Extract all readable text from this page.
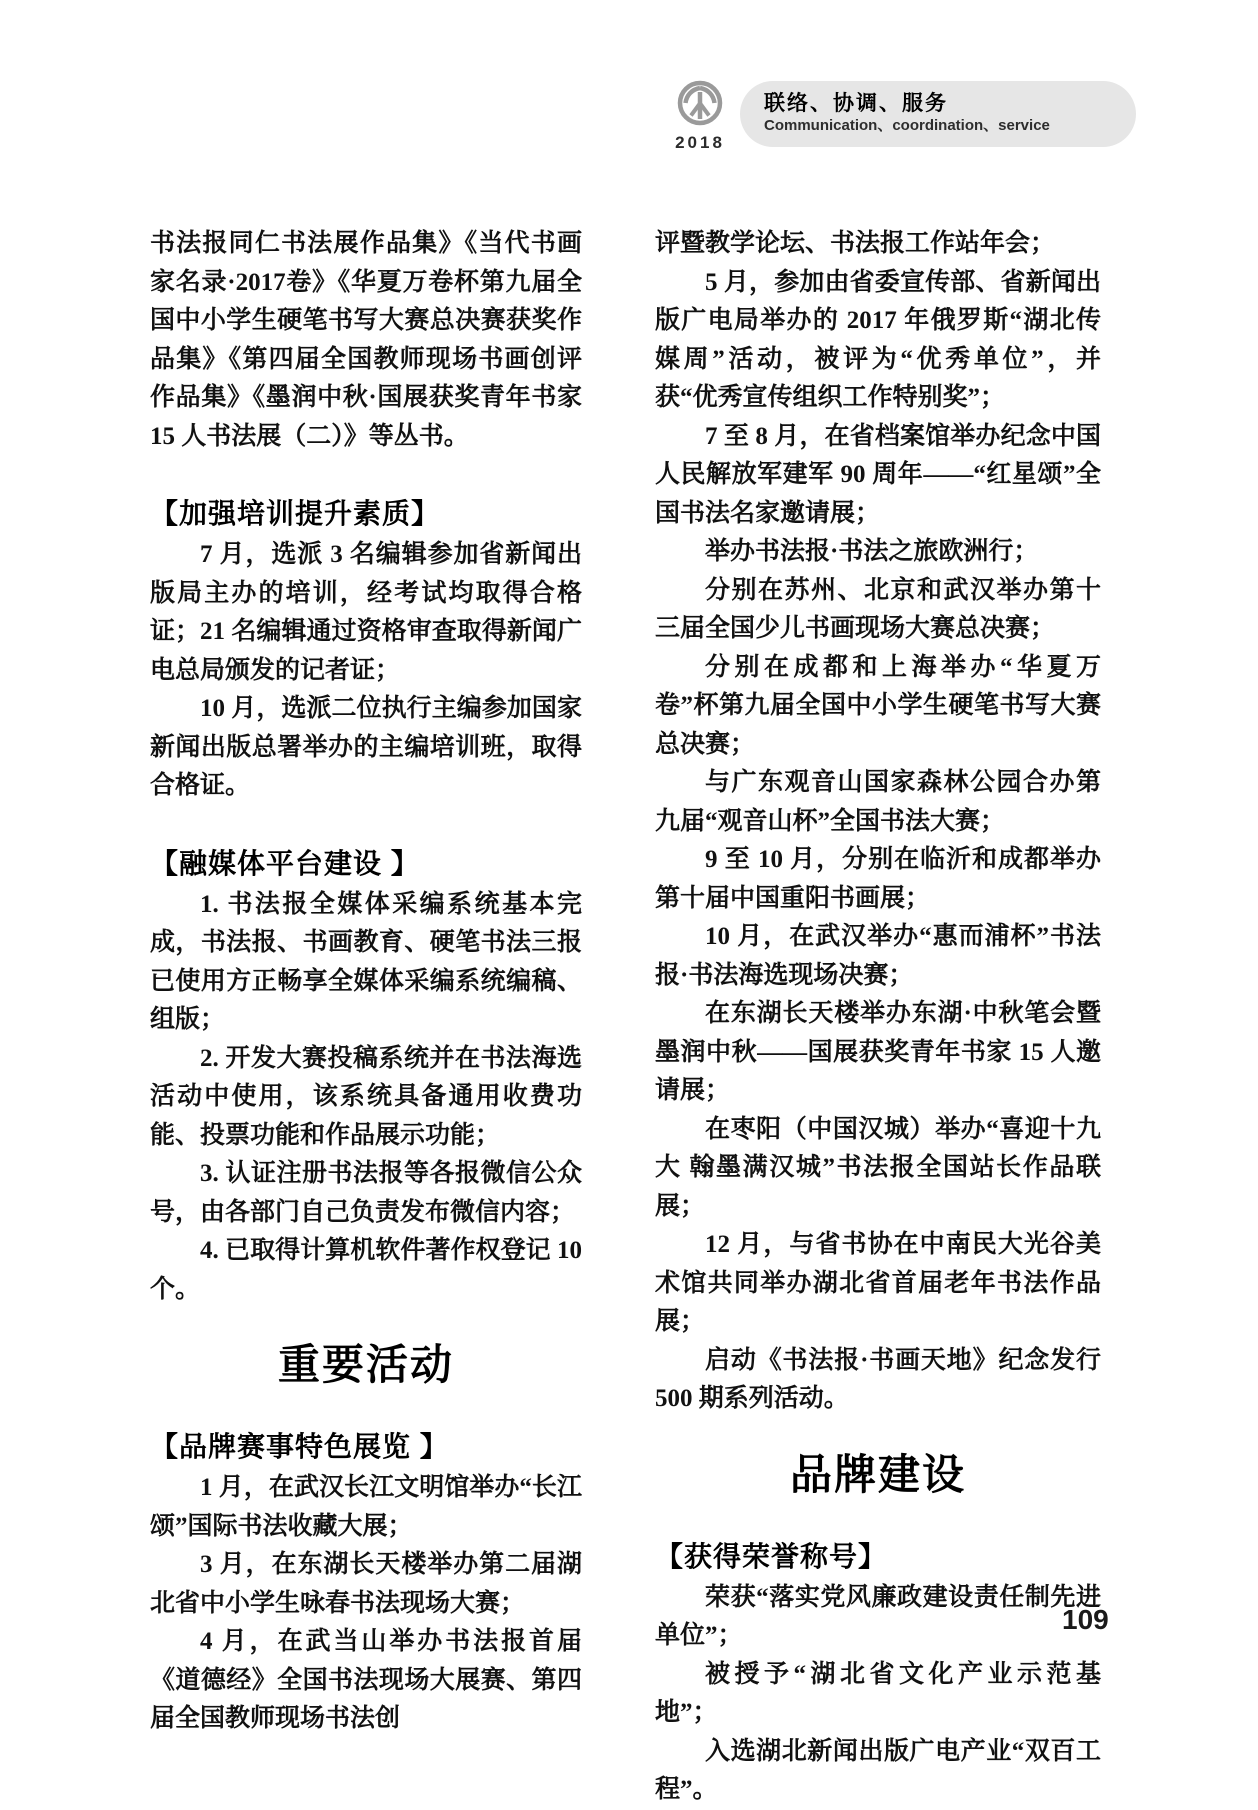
2018
联络、协调、服务
Communication、coordination、service

书法报同仁书法展作品集》《当代书画家名录·2017卷》《华夏万卷杯第九届全国中小学生硬笔书写大赛总决赛获奖作品集》《第四届全国教师现场书画创评作品集》《墨润中秋·国展获奖青年书家 15 人书法展（二）》等丛书。

【加强培训提升素质】

7 月，选派 3 名编辑参加省新闻出版局主办的培训，经考试均取得合格证；21 名编辑通过资格审查取得新闻广电总局颁发的记者证；

10 月，选派二位执行主编参加国家新闻出版总署举办的主编培训班，取得合格证。

【融媒体平台建设 】

1. 书法报全媒体采编系统基本完成，书法报、书画教育、硬笔书法三报已使用方正畅享全媒体采编系统编稿、组版；

2. 开发大赛投稿系统并在书法海选活动中使用，该系统具备通用收费功能、投票功能和作品展示功能；

3. 认证注册书法报等各报微信公众号，由各部门自己负责发布微信内容；

4. 已取得计算机软件著作权登记 10 个。

重要活动
【品牌赛事特色展览 】

1 月，在武汉长江文明馆举办“长江颂”国际书法收藏大展；

3 月，在东湖长天楼举办第二届湖北省中小学生咏春书法现场大赛；

4 月，在武当山举办书法报首届《道德经》全国书法现场大展赛、第四届全国教师现场书法创

评暨教学论坛、书法报工作站年会；

5 月，参加由省委宣传部、省新闻出版广电局举办的 2017 年俄罗斯“湖北传媒周”活动，被评为“优秀单位”，并获“优秀宣传组织工作特别奖”；

7 至 8 月，在省档案馆举办纪念中国人民解放军建军 90 周年——“红星颂”全国书法名家邀请展；

举办书法报·书法之旅欧洲行；

分别在苏州、北京和武汉举办第十三届全国少儿书画现场大赛总决赛；

分别在成都和上海举办“华夏万卷”杯第九届全国中小学生硬笔书写大赛总决赛；

与广东观音山国家森林公园合办第九届“观音山杯”全国书法大赛；

9 至 10 月，分别在临沂和成都举办第十届中国重阳书画展；

10 月，在武汉举办“惠而浦杯”书法报·书法海选现场决赛；

在东湖长天楼举办东湖·中秋笔会暨墨润中秋——国展获奖青年书家 15 人邀请展；

在枣阳（中国汉城）举办“喜迎十九大 翰墨满汉城”书法报全国站长作品联展；

12 月，与省书协在中南民大光谷美术馆共同举办湖北省首届老年书法作品展；

启动《书法报·书画天地》纪念发行 500 期系列活动。

品牌建设
【获得荣誉称号】

荣获“落实党风廉政建设责任制先进单位”；

被授予“湖北省文化产业示范基地”；

入选湖北新闻出版广电产业“双百工程”。

109
